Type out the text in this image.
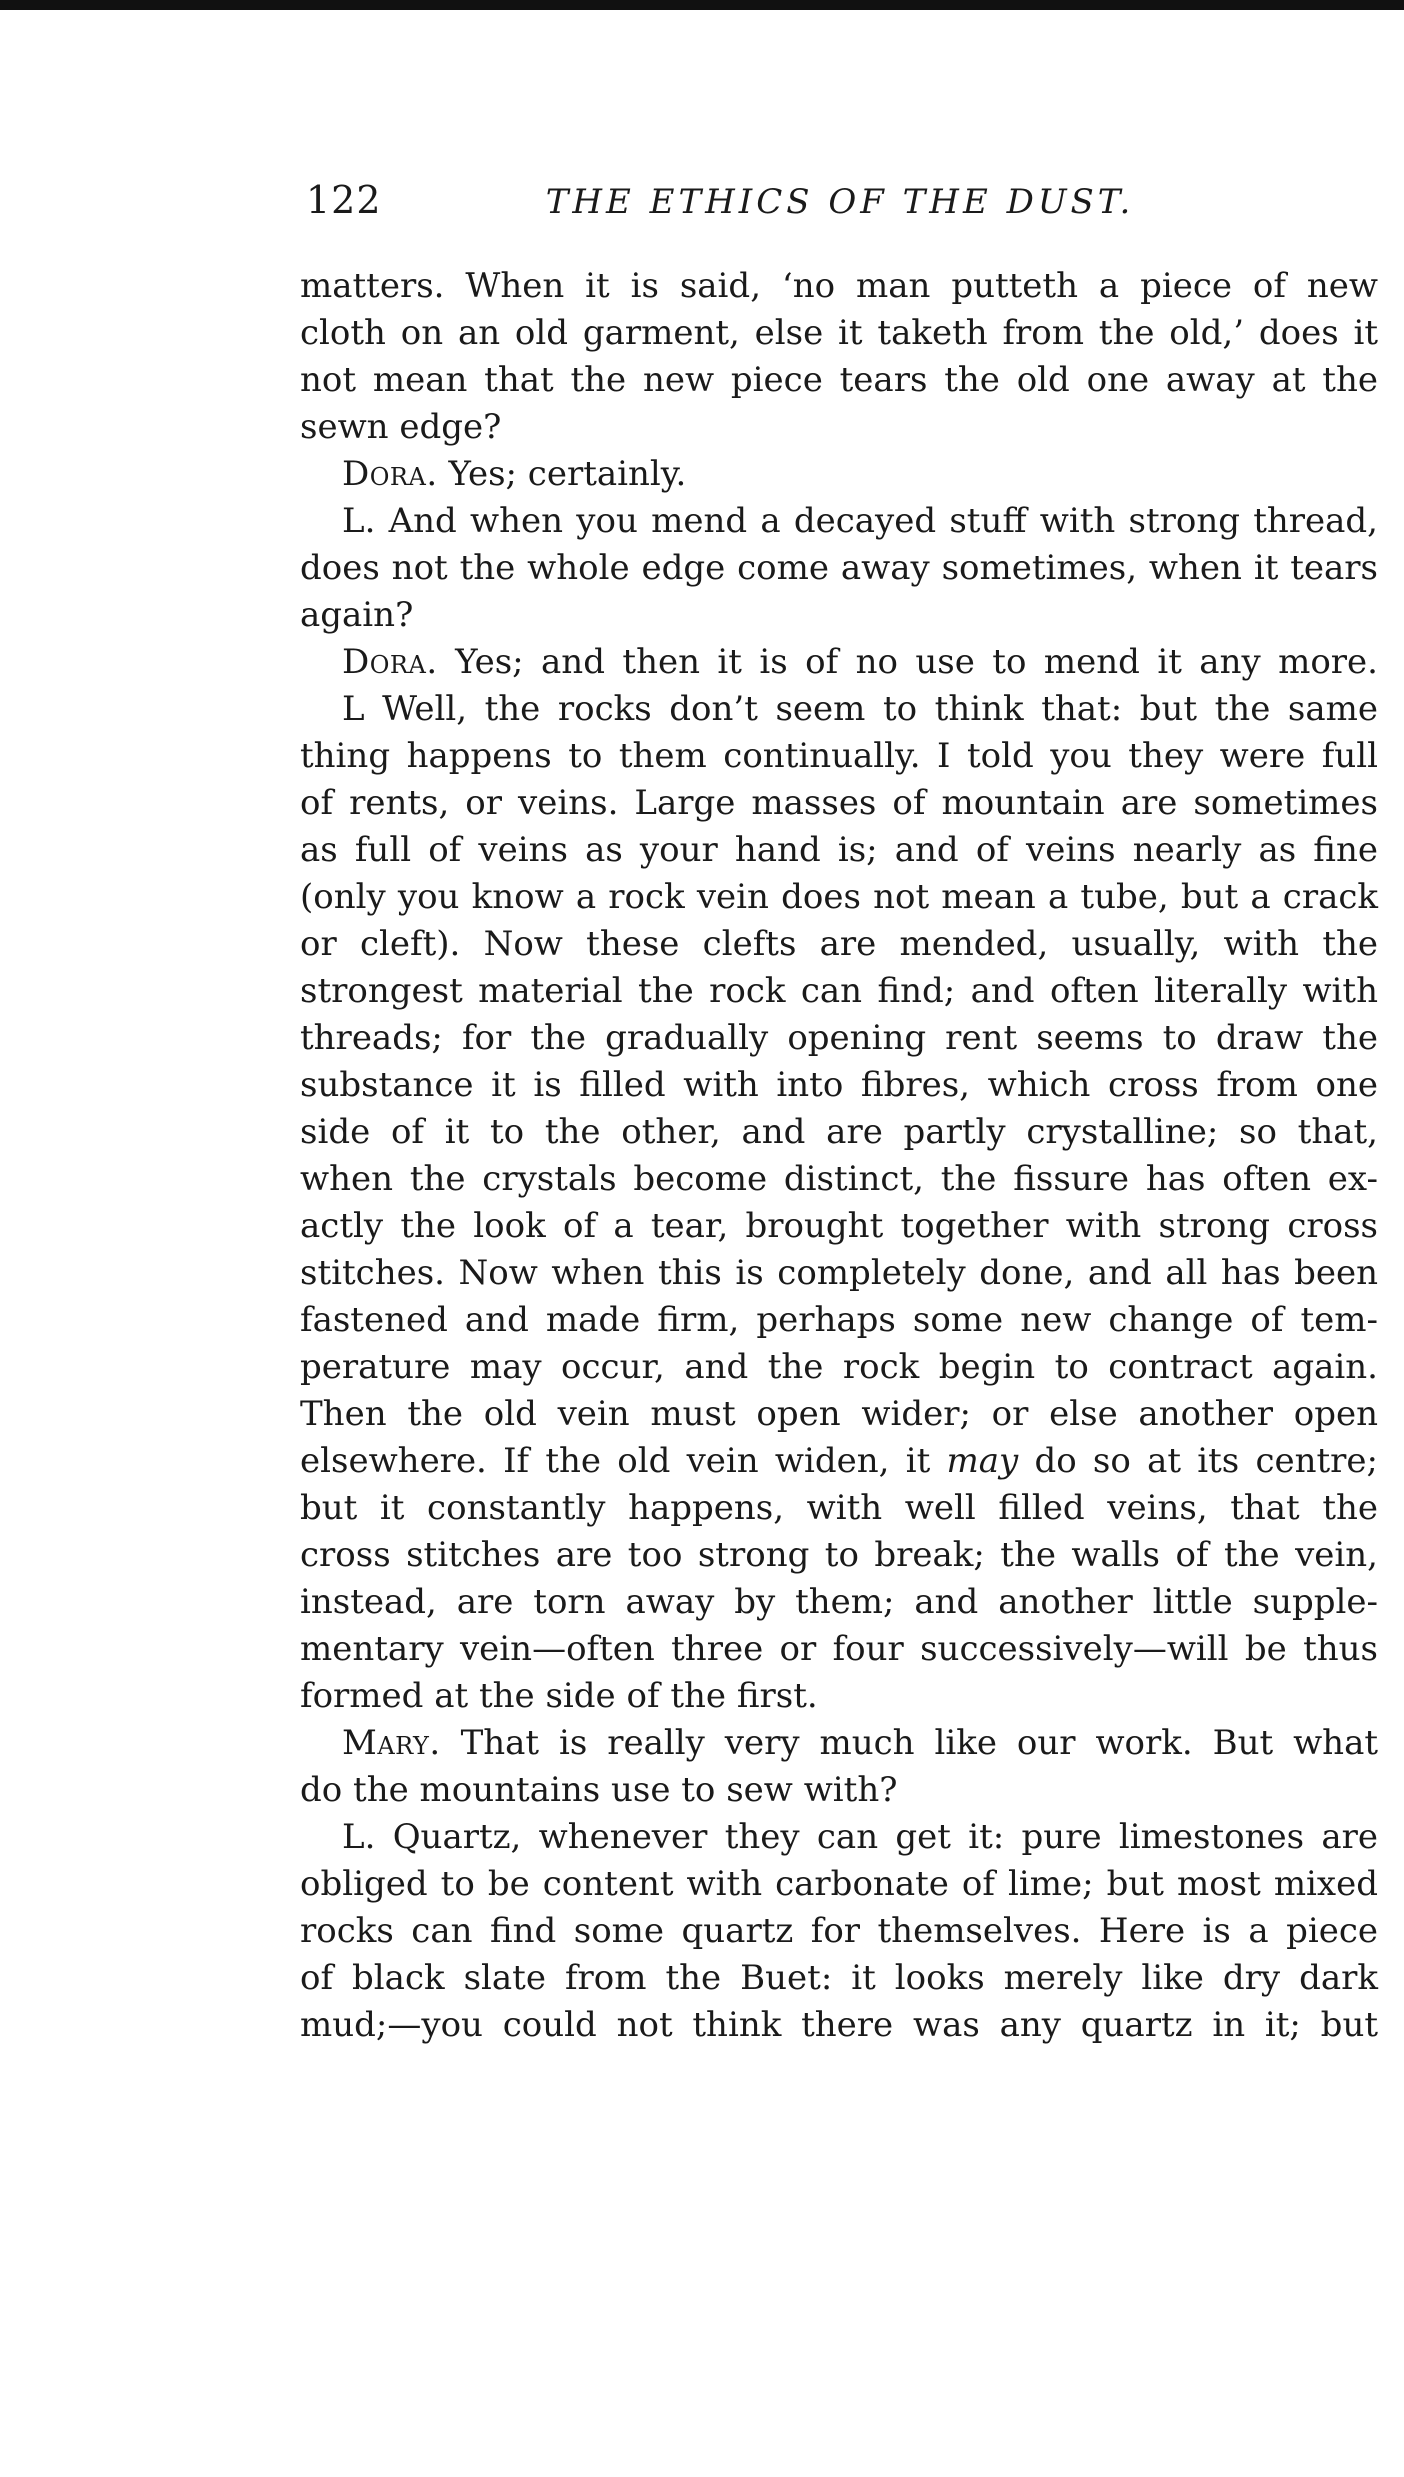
122	THE ETHICS OF THE DUST.
matters. When it is said, ‘no man putteth a piece of new
cloth on an old garment, else it taketh from the old,’ does it
not mean that the new piece tears the old one away at the
sewn edge?
Dora. Yes; certainly.
L. And when you mend a decayed stuff with strong thread,
does not the whole edge come away sometimes, when it tears
again?
Dora. Yes; and then it is of no use to mend it any more.
L Well, the rocks don’t seem to think that: but the same
thing happens to them continually. I told you they were full
of rents, or veins. Large masses of mountain are sometimes
as full of veins as your hand is; and of veins nearly as fine
(only you know a rock vein does not mean a tube, but a crack
or cleft). Now these clefts are mended, usually, with the
strongest material the rock can find; and often literally with
threads; for the gradually opening rent seems to draw the
substance it is filled with into fibres, which cross from one
side of it to the other, and are partly crystalline; so that,
when the crystals become distinct, the fissure has often ex-
actly the look of a tear, brought together with strong cross
stitches. Now when this is completely done, and all has been
fastened and made firm, perhaps some new change of tem-
perature may occur, and the rock begin to contract again.
Then the old vein must open wider; or else another open
elsewhere. If the old vein widen, it may do so at its centre;
but it constantly happens, with well filled veins, that the
cross stitches are too strong to break; the walls of the vein,
instead, are torn away by them; and another little supple-
mentary vein—often three or four successively—will be thus
formed at the side of the first.
Mary. That is really very much like our work. But what
do the mountains use to sew with?
L. Quartz, whenever they can get it: pure limestones are
obliged to be content with carbonate of lime; but most mixed
rocks can find some quartz for themselves. Here is a piece
of black slate from the Buet: it looks merely like dry dark
mud;—you could not think there was any quartz in it; but
